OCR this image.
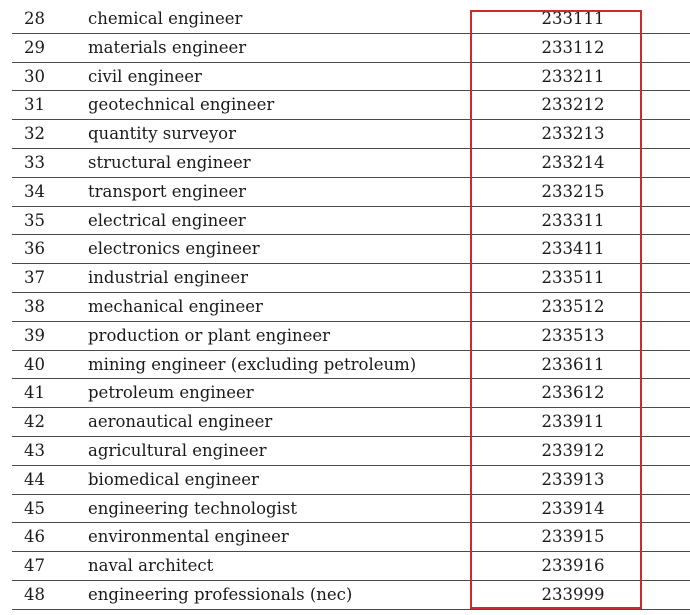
28	chemical engineer	233111
29	materials engineer	233112
30	civil engineer	233211
31	geotechnical engineer	233212
32	quantity surveyor	233213
33	structural engineer	233214
34	transport engineer	233215
35	electrical engineer	233311
36	electronics engineer	233411
37	industrial engineer	233511
38	mechanical engineer	233512
39	production or plant engineer	233513
40	mining engineer (excluding petroleum)	233611
41	petroleum engineer	233612
42	aeronautical engineer	233911
43	agricultural engineer	233912
44	biomedical engineer	233913
45	engineering technologist	233914
46	environmental engineer	233915
47	naval architect	233916
48	engineering professionals (nec)	233999
